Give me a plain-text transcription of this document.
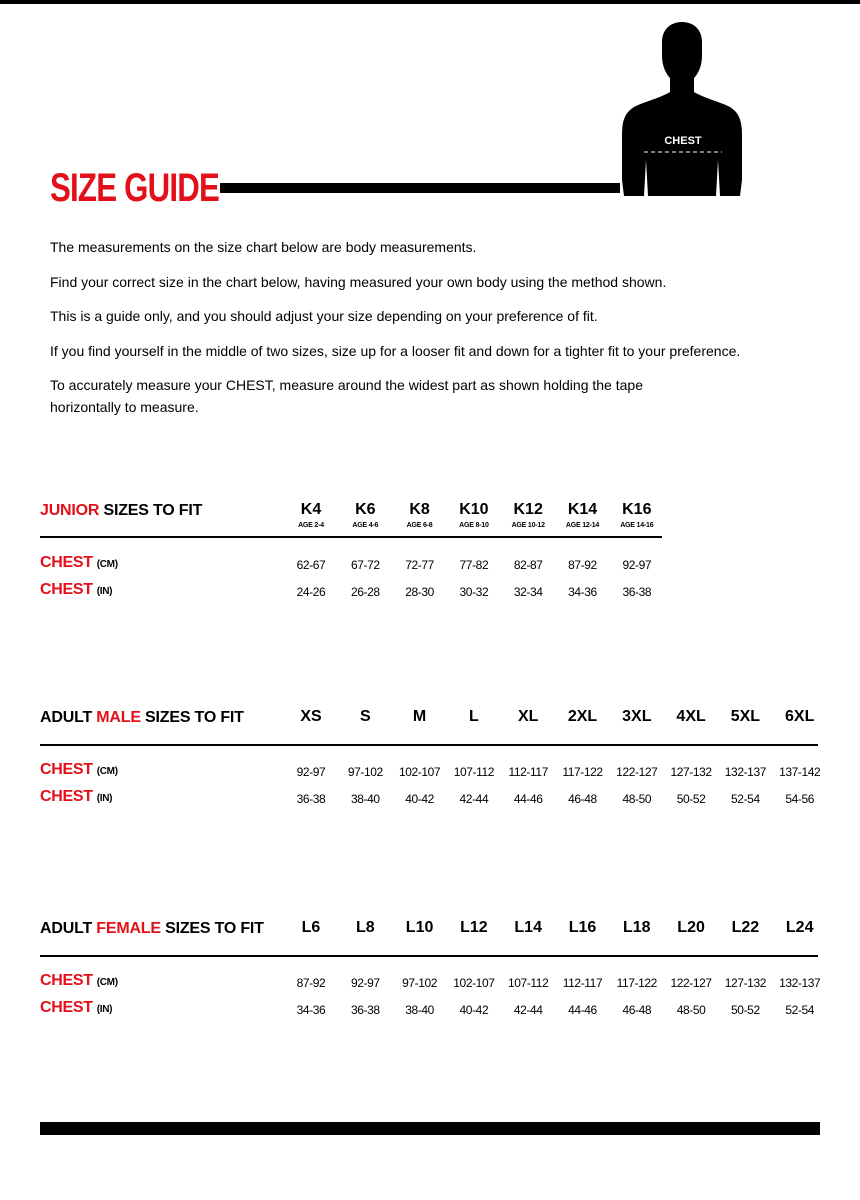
CHEST
SIZE GUIDE

The measurements on the size chart below are body measurements.

Find your correct size in the chart below, having measured your own body using the method shown.

This is a guide only, and you should adjust your size depending on your preference of fit.

If you find yourself in the middle of two sizes, size up for a looser fit and down for a tighter fit to your preference.

To accurately measure your CHEST, measure around the widest part as shown holding the tape horizontally to measure.

JUNIOR SIZES TO FIT	K4	K6	K8	K10	K12	K14	K16
AGE 2-4	AGE 4-6	AGE 6-8	AGE 8-10	AGE 10-12	AGE 12-14	AGE 14-16
CHEST (CM)	62-67	67-72	72-77	77-82	82-87	87-92	92-97
CHEST (IN)	24-26	26-28	28-30	30-32	32-34	34-36	36-38
ADULT MALE SIZES TO FIT	XS	S	M	L	XL	2XL	3XL	4XL	5XL	6XL
CHEST (CM)	92-97	97-102	102-107	107-112	112-117	117-122	122-127	127-132	132-137	137-142
CHEST (IN)	36-38	38-40	40-42	42-44	44-46	46-48	48-50	50-52	52-54	54-56
ADULT FEMALE SIZES TO FIT	L6	L8	L10	L12	L14	L16	L18	L20	L22	L24
CHEST (CM)	87-92	92-97	97-102	102-107	107-112	112-117	117-122	122-127	127-132	132-137
CHEST (IN)	34-36	36-38	38-40	40-42	42-44	44-46	46-48	48-50	50-52	52-54
